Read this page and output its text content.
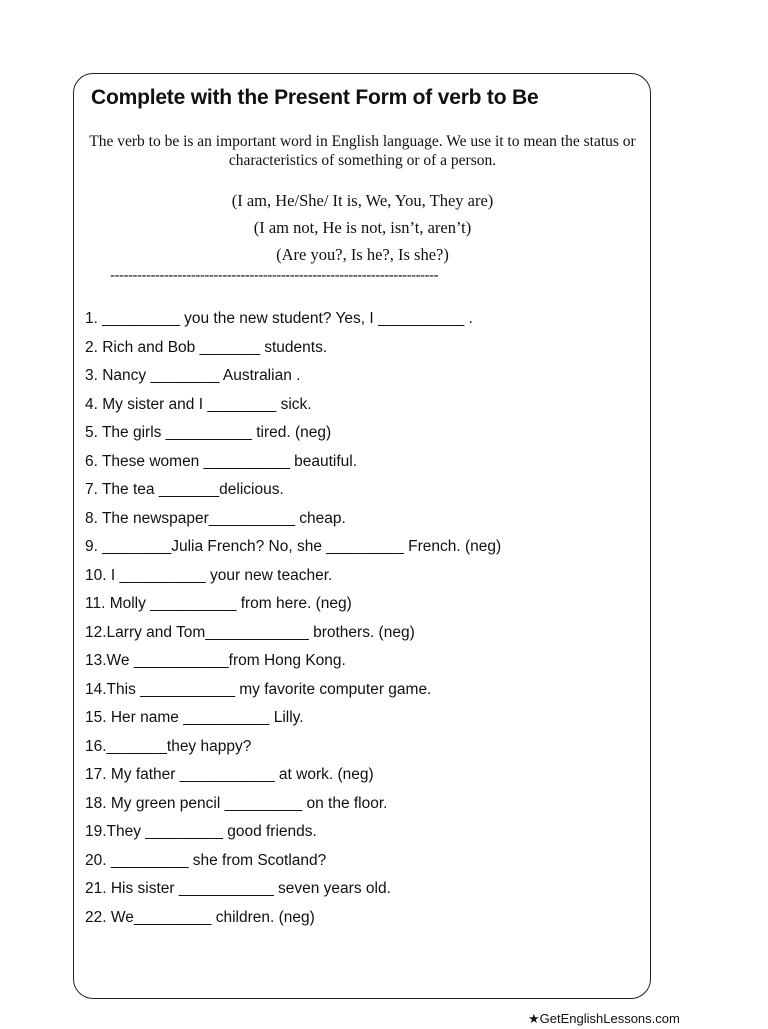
Complete with the Present Form of verb to Be

The verb to be is an important word in English language. We use it to mean the status or characteristics of something or of a person.

(I am, He/She/ It is, We, You, They are)
(I am not, He is not, isn’t, aren’t)
(Are you?, Is he?, Is she?)
-------------------------------------------------------------------------
1. _________ you the new student? Yes, I __________ .
2. Rich and Bob _______ students.
3. Nancy ________ Australian .
4. My sister and I ________ sick.
5. The girls __________ tired. (neg)
6. These women __________ beautiful.
7. The tea _______delicious.
8. The newspaper__________ cheap.
9. ________Julia French? No, she _________ French. (neg)
10. I __________ your new teacher.
11. Molly __________ from here. (neg)
12.Larry and Tom____________ brothers. (neg)
13.We ___________from Hong Kong.
14.This ___________ my favorite computer game.
15. Her name __________ Lilly.
16._______they happy?
17. My father ___________ at work. (neg)
18. My green pencil _________ on the floor.
19.They _________ good friends.
20. _________ she from Scotland?
21. His sister ___________ seven years old.
22. We_________ children. (neg)
★GetEnglishLessons.com
